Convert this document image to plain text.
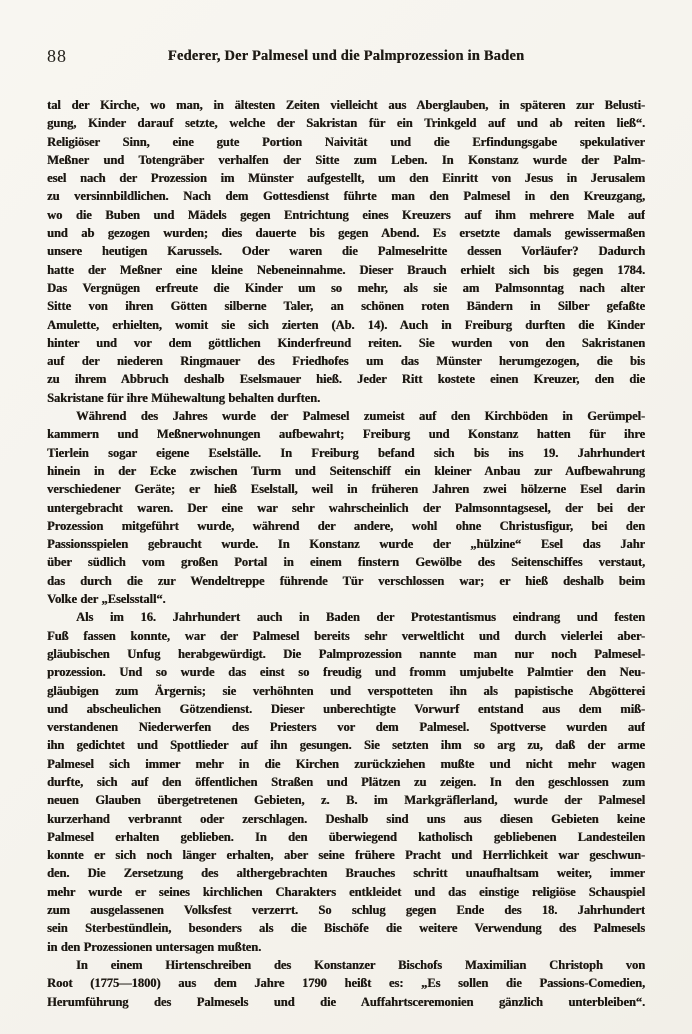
88	Federer, Der Palmesel und die Palmprozession in Baden
tal der Kirche, wo man, in ältesten Zeiten vielleicht aus Aberglauben, in späteren zur Belusti-
gung, Kinder darauf setzte, welche der Sakristan für ein Trinkgeld auf und ab reiten ließ“.
Religiöser Sinn, eine gute Portion Naivität und die Erfindungsgabe spekulativer
Meßner und Totengräber verhalfen der Sitte zum Leben. In Konstanz wurde der Palm-
esel nach der Prozession im Münster aufgestellt, um den Einritt von Jesus in Jerusalem
zu versinnbildlichen. Nach dem Gottesdienst führte man den Palmesel in den Kreuzgang,
wo die Buben und Mädels gegen Entrichtung eines Kreuzers auf ihm mehrere Male auf
und ab gezogen wurden; dies dauerte bis gegen Abend. Es ersetzte damals gewissermaßen
unsere heutigen Karussels. Oder waren die Palmeselritte dessen Vorläufer? Dadurch
hatte der Meßner eine kleine Nebeneinnahme. Dieser Brauch erhielt sich bis gegen 1784.
Das Vergnügen erfreute die Kinder um so mehr, als sie am Palmsonntag nach alter
Sitte von ihren Götten silberne Taler, an schönen roten Bändern in Silber gefaßte
Amulette, erhielten, womit sie sich zierten (Ab. 14). Auch in Freiburg durften die Kinder
hinter und vor dem göttlichen Kinderfreund reiten. Sie wurden von den Sakristanen
auf der niederen Ringmauer des Friedhofes um das Münster herumgezogen, die bis
zu ihrem Abbruch deshalb Eselsmauer hieß. Jeder Ritt kostete einen Kreuzer, den die
Sakristane für ihre Mühewaltung behalten durften.
Während des Jahres wurde der Palmesel zumeist auf den Kirchböden in Gerümpel-
kammern und Meßnerwohnungen aufbewahrt; Freiburg und Konstanz hatten für ihre
Tierlein sogar eigene Eselställe. In Freiburg befand sich bis ins 19. Jahrhundert
hinein in der Ecke zwischen Turm und Seitenschiff ein kleiner Anbau zur Aufbewahrung
verschiedener Geräte; er hieß Eselstall, weil in früheren Jahren zwei hölzerne Esel darin
untergebracht waren. Der eine war sehr wahrscheinlich der Palmsonntagsesel, der bei der
Prozession mitgeführt wurde, während der andere, wohl ohne Christusfigur, bei den
Passionsspielen gebraucht wurde. In Konstanz wurde der „hülzine“ Esel das Jahr
über südlich vom großen Portal in einem finstern Gewölbe des Seitenschiffes verstaut,
das durch die zur Wendeltreppe führende Tür verschlossen war; er hieß deshalb beim
Volke der „Eselsstall“.
Als im 16. Jahrhundert auch in Baden der Protestantismus eindrang und festen
Fuß fassen konnte, war der Palmesel bereits sehr verweltlicht und durch vielerlei aber-
gläubischen Unfug herabgewürdigt. Die Palmprozession nannte man nur noch Palmesel-
prozession. Und so wurde das einst so freudig und fromm umjubelte Palmtier den Neu-
gläubigen zum Ärgernis; sie verhöhnten und verspotteten ihn als papistische Abgötterei
und abscheulichen Götzendienst. Dieser unberechtigte Vorwurf entstand aus dem miß-
verstandenen Niederwerfen des Priesters vor dem Palmesel. Spottverse wurden auf
ihn gedichtet und Spottlieder auf ihn gesungen. Sie setzten ihm so arg zu, daß der arme
Palmesel sich immer mehr in die Kirchen zurückziehen mußte und nicht mehr wagen
durfte, sich auf den öffentlichen Straßen und Plätzen zu zeigen. In den geschlossen zum
neuen Glauben übergetretenen Gebieten, z. B. im Markgräflerland, wurde der Palmesel
kurzerhand verbrannt oder zerschlagen. Deshalb sind uns aus diesen Gebieten keine
Palmesel erhalten geblieben. In den überwiegend katholisch gebliebenen Landesteilen
konnte er sich noch länger erhalten, aber seine frühere Pracht und Herrlichkeit war geschwun-
den. Die Zersetzung des althergebrachten Brauches schritt unaufhaltsam weiter, immer
mehr wurde er seines kirchlichen Charakters entkleidet und das einstige religiöse Schauspiel
zum ausgelassenen Volksfest verzerrt. So schlug gegen Ende des 18. Jahrhundert
sein Sterbestündlein, besonders als die Bischöfe die weitere Verwendung des Palmesels
in den Prozessionen untersagen mußten.
In einem Hirtenschreiben des Konstanzer Bischofs Maximilian Christoph von
Root (1775—1800) aus dem Jahre 1790 heißt es: „Es sollen die Passions-Comedien,
Herumführung des Palmesels und die Auffahrtsceremonien gänzlich unterbleiben“.
